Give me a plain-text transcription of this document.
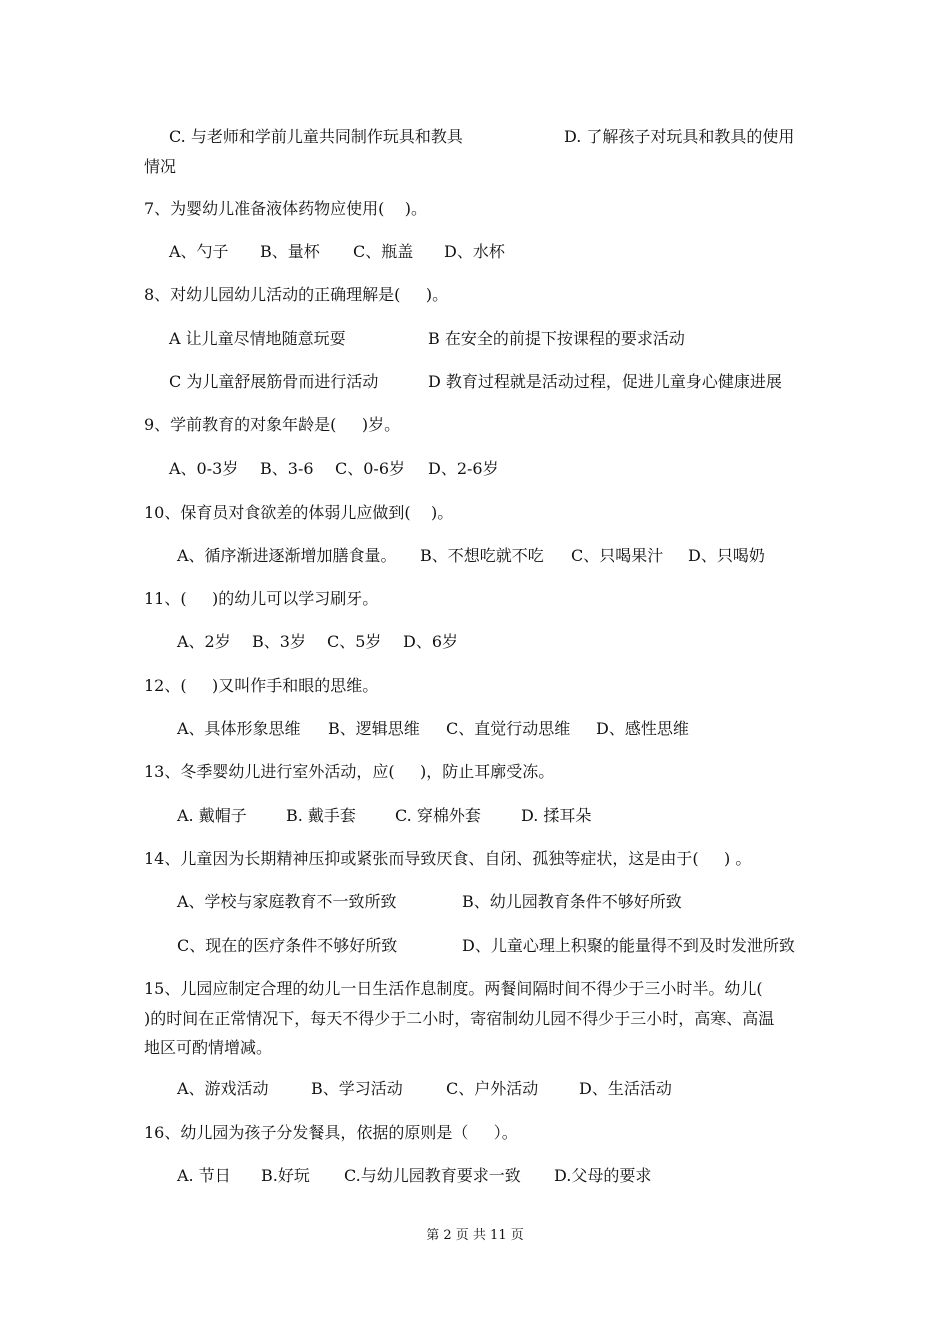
C. 与老师和学前儿童共同制作玩具和教具	D. 了解孩子对玩具和教具的使用
情况
7、为婴幼儿准备液体药物应使用(    )。
A、勺子 B、量杯 C、瓶盖 D、水杯
8、对幼儿园幼儿活动的正确理解是(     )。
A 让儿童尽情地随意玩耍	B 在安全的前提下按课程的要求活动
C 为儿童舒展筋骨而进行活动	D 教育过程就是活动过程，促进儿童身心健康进展
9、学前教育的对象年龄是(     )岁。
A、0-3岁 B、3-6 C、0-6岁 D、2-6岁
10、保育员对食欲差的体弱儿应做到(    )。
A、循序渐进逐渐增加膳食量。 B、不想吃就不吃 C、只喝果汁 D、只喝奶
11、(     )的幼儿可以学习刷牙。
A、2岁 B、3岁 C、5岁 D、6岁
12、(     )又叫作手和眼的思维。
A、具体形象思维 B、逻辑思维 C、直觉行动思维 D、感性思维
13、冬季婴幼儿进行室外活动，应(     )，防止耳廓受冻。
A. 戴帽子 B. 戴手套 C. 穿棉外套	D. 揉耳朵
14、儿童因为长期精神压抑或紧张而导致厌食、自闭、孤独等症状，这是由于(     ) 。
A、学校与家庭教育不一致所致	B、幼儿园教育条件不够好所致
C、现在的医疗条件不够好所致	D、儿童心理上积聚的能量得不到及时发泄所致
15、儿园应制定合理的幼儿一日生活作息制度。两餐间隔时间不得少于三小时半。幼儿(
)的时间在正常情况下，每天不得少于二小时，寄宿制幼儿园不得少于三小时，高寒、高温
地区可酌情增减。
A、游戏活动	B、学习活动	C、户外活动	D、生活活动
16、幼儿园为孩子分发餐具，依据的原则是（     ）。
A. 节日 B.好玩 C.与幼儿园教育要求一致 D.父母的要求
第 2 页 共 11 页
